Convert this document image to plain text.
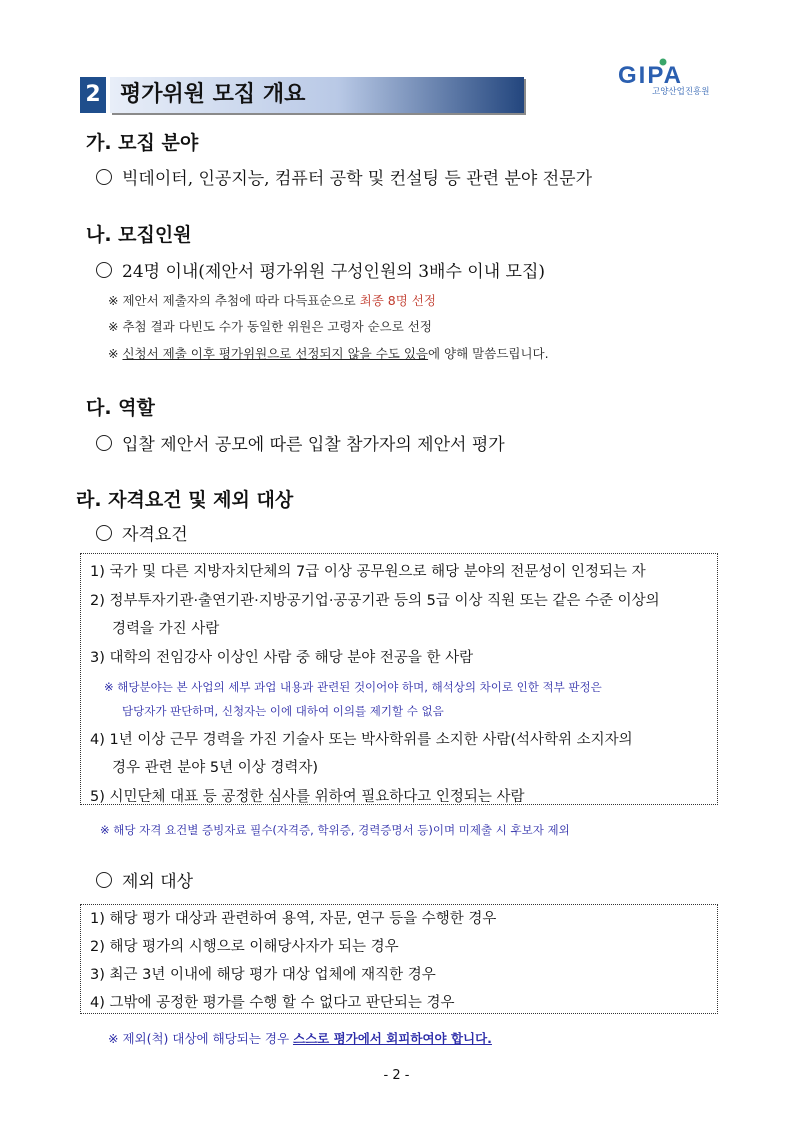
2 평가위원 모집 개요
GIPA
고양산업진흥원
가. 모집 분야
빅데이터, 인공지능, 컴퓨터 공학 및 컨설팅 등 관련 분야 전문가
나. 모집인원
24명 이내(제안서 평가위원 구성인원의 3배수 이내 모집)
※ 제안서 제출자의 추첨에 따라 다득표순으로 최종 8명 선정
※ 추첨 결과 다빈도 수가 동일한 위원은 고령자 순으로 선정
※ 신청서 제출 이후 평가위원으로 선정되지 않을 수도 있음에 양해 말씀드립니다.
다. 역할
입찰 제안서 공모에 따른 입찰 참가자의 제안서 평가
라. 자격요건 및 제외 대상
자격요건
1) 국가 및 다른 지방자치단체의 7급 이상 공무원으로 해당 분야의 전문성이 인정되는 자
2) 정부투자기관·출연기관·지방공기업·공공기관 등의 5급 이상 직원 또는 같은 수준 이상의
경력을 가진 사람
3) 대학의 전임강사 이상인 사람 중 해당 분야 전공을 한 사람
※ 해당분야는 본 사업의 세부 과업 내용과 관련된 것이어야 하며, 해석상의 차이로 인한 적부 판정은
담당자가 판단하며, 신청자는 이에 대하여 이의를 제기할 수 없음
4) 1년 이상 근무 경력을 가진 기술사 또는 박사학위를 소지한 사람(석사학위 소지자의
경우 관련 분야 5년 이상 경력자)
5) 시민단체 대표 등 공정한 심사를 위하여 필요하다고 인정되는 사람
※ 해당 자격 요건별 증빙자료 필수(자격증, 학위증, 경력증명서 등)이며 미제출 시 후보자 제외
제외 대상
1) 해당 평가 대상과 관련하여 용역, 자문, 연구 등을 수행한 경우
2) 해당 평가의 시행으로 이해당사자가 되는 경우
3) 최근 3년 이내에 해당 평가 대상 업체에 재직한 경우
4) 그밖에 공정한 평가를 수행 할 수 없다고 판단되는 경우
※ 제외(척) 대상에 해당되는 경우 스스로 평가에서 회피하여야 합니다.
- 2 -
